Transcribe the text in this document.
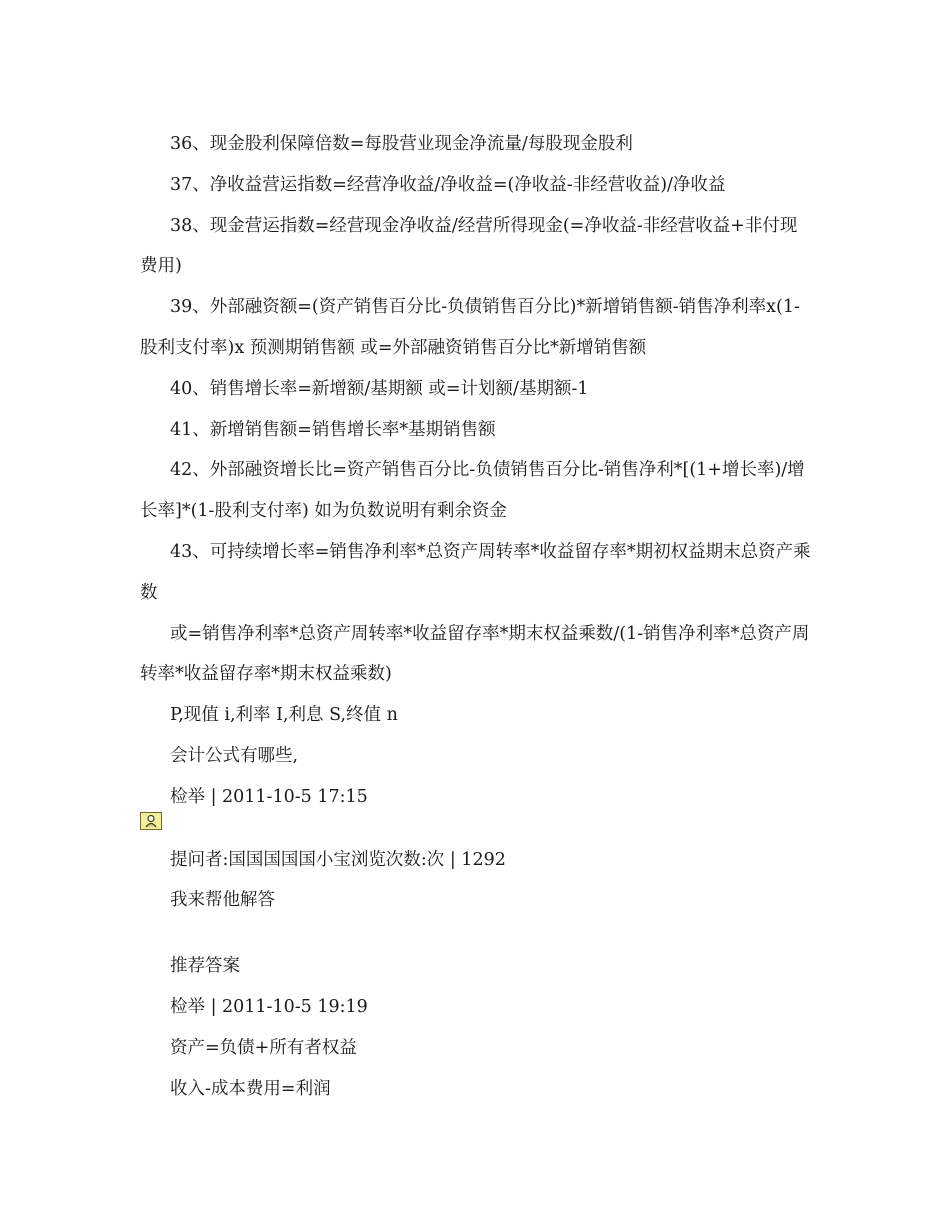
36、现金股利保障倍数=每股营业现金净流量/每股现金股利

37、净收益营运指数=经营净收益/净收益=(净收益-非经营收益)/净收益

38、现金营运指数=经营现金净收益/经营所得现金(=净收益-非经营收益+非付现费用)

39、外部融资额=(资产销售百分比-负债销售百分比)*新增销售额-销售净利率x(1-股利支付率)x 预测期销售额 或=外部融资销售百分比*新增销售额

40、销售增长率=新增额/基期额 或=计划额/基期额-1

41、新增销售额=销售增长率*基期销售额

42、外部融资增长比=资产销售百分比-负债销售百分比-销售净利*[(1+增长率)/增长率]*(1-股利支付率) 如为负数说明有剩余资金

43、可持续增长率=销售净利率*总资产周转率*收益留存率*期初权益期末总资产乘数

或=销售净利率*总资产周转率*收益留存率*期末权益乘数/(1-销售净利率*总资产周转率*收益留存率*期末权益乘数)

P,现值 i,利率 I,利息 S,终值 n

会计公式有哪些,

检举 | 2011-10-5 17:15

提问者:国国国国国小宝浏览次数:次 | 1292

我来帮他解答

推荐答案

检举 | 2011-10-5 19:19

资产=负债+所有者权益

收入-成本费用=利润
